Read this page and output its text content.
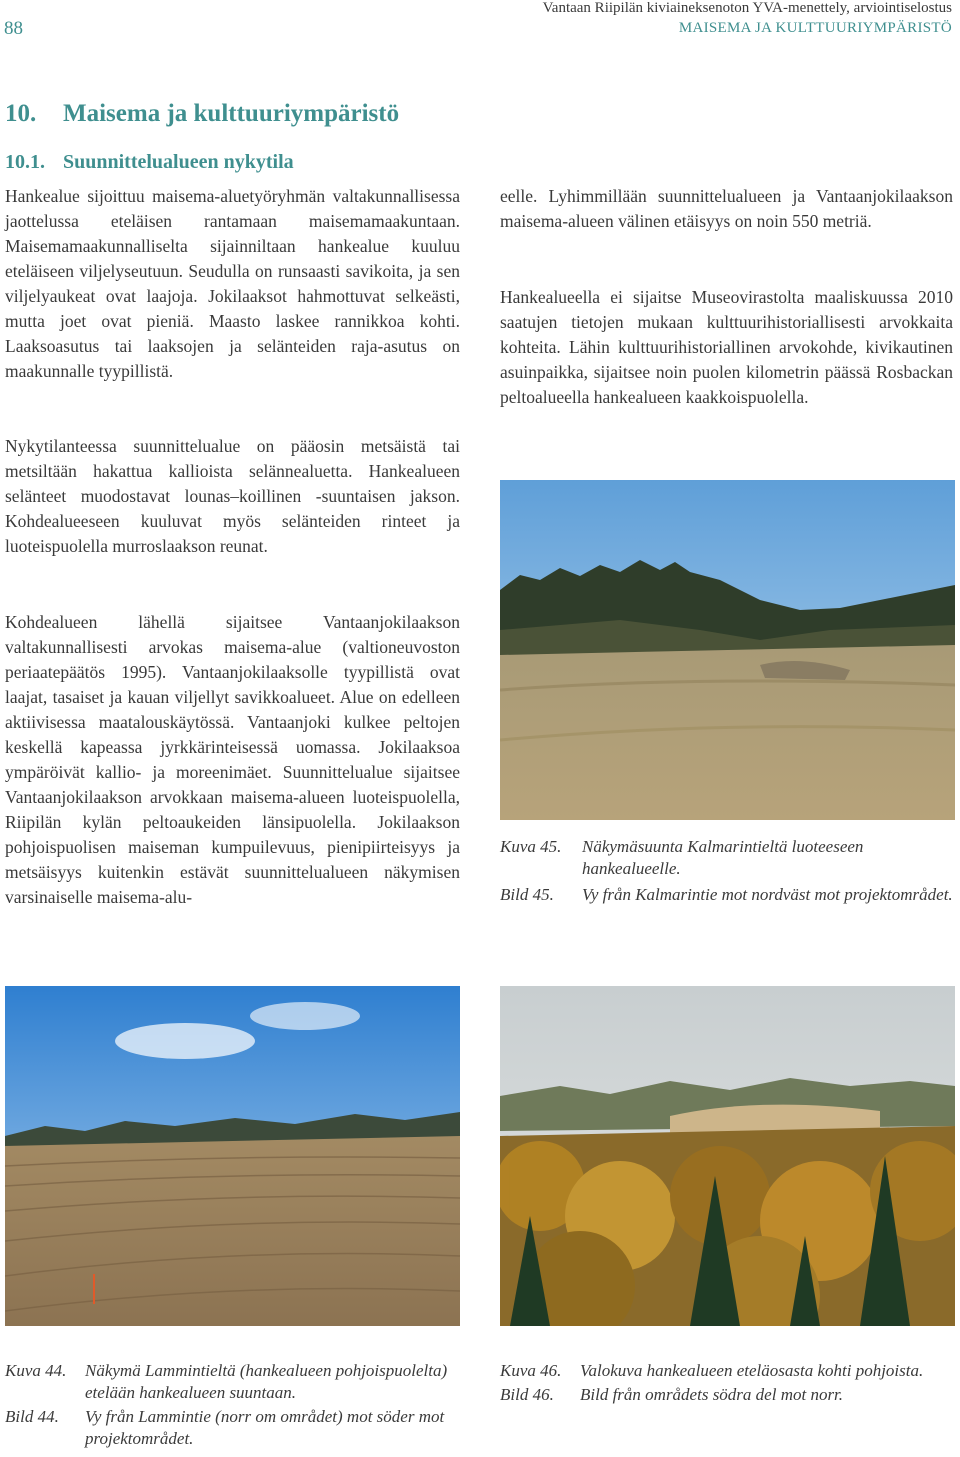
88
Vantaan Riipilän kiviaineksenoton YVA-menettely, arviointiselostus
MAISEMA JA KULTTUURIYMPÄRISTÖ
10. Maisema ja kulttuuriympäristö
10.1. Suunnittelualueen nykytila
Hankealue sijoittuu maisema-aluetyöryhmän valtakunnallisessa jaottelussa eteläisen rantamaan maisemamaakuntaan. Maisemamaakunnalliselta sijainniltaan hankealue kuuluu eteläiseen viljelyseutuun. Seudulla on runsaasti savikoita, ja sen viljelyaukeat ovat laajoja. Jokilaaksot hahmottuvat selkeästi, mutta joet ovat pieniä. Maasto laskee rannikkoa kohti. Laaksoasutus tai laaksojen ja selänteiden raja-asutus on maakunnalle tyypillistä.
Nykytilanteessa suunnittelualue on pääosin metsäistä tai metsiltään hakattua kallioista selännealuetta. Hankealueen selänteet muodostavat lounas–koillinen -suuntaisen jakson. Kohdealueeseen kuuluvat myös selänteiden rinteet ja luoteispuolella murroslaakson reunat.
Kohdealueen lähellä sijaitsee Vantaanjokilaakson valtakunnallisesti arvokas maisema-alue (valtioneuvoston periaatepäätös 1995). Vantaanjokilaaksolle tyypillistä ovat laajat, tasaiset ja kauan viljellyt savikkoalueet. Alue on edelleen aktiivisessa maatalouskäytössä. Vantaanjoki kulkee peltojen keskellä kapeassa jyrkkärinteisessä uomassa. Jokilaaksoa ympäröivät kallio- ja moreenimäet. Suunnittelualue sijaitsee Vantaanjokilaakson arvokkaan maisema-alueen luoteispuolella, Riipilän kylän peltoaukeiden länsipuolella. Jokilaakson pohjoispuolisen maiseman kumpuilevuus, pienipiirteisyys ja metsäisyys kuitenkin estävät suunnittelualueen näkymisen varsinaiselle maisema-alu-
eelle. Lyhimmillään suunnittelualueen ja Vantaanjokilaakson maisema-alueen välinen etäisyys on noin 550 metriä.
Hankealueella ei sijaitse Museovirastolta maaliskuussa 2010 saatujen tietojen mukaan kulttuurihistoriallisesti arvokkaita kohteita. Lähin kulttuurihistoriallinen arvokohde, kivikautinen asuinpaikka, sijaitsee noin puolen kilometrin päässä Rosbackan peltoalueella hankealueen kaakkoispuolella.
Kuva 45. Näkymäsuunta Kalmarintieltä luoteeseen hankealueelle.
Bild 45. Vy från Kalmarintie mot nordväst mot projektområdet.
Kuva 44. Näkymä Lammintieltä (hankealueen pohjoispuolelta) etelään hankealueen suuntaan.
Bild 44. Vy från Lammintie (norr om området) mot söder mot projektområdet.
Kuva 46. Valokuva hankealueen eteläosasta kohti pohjoista.
Bild 46. Bild från områdets södra del mot norr.
